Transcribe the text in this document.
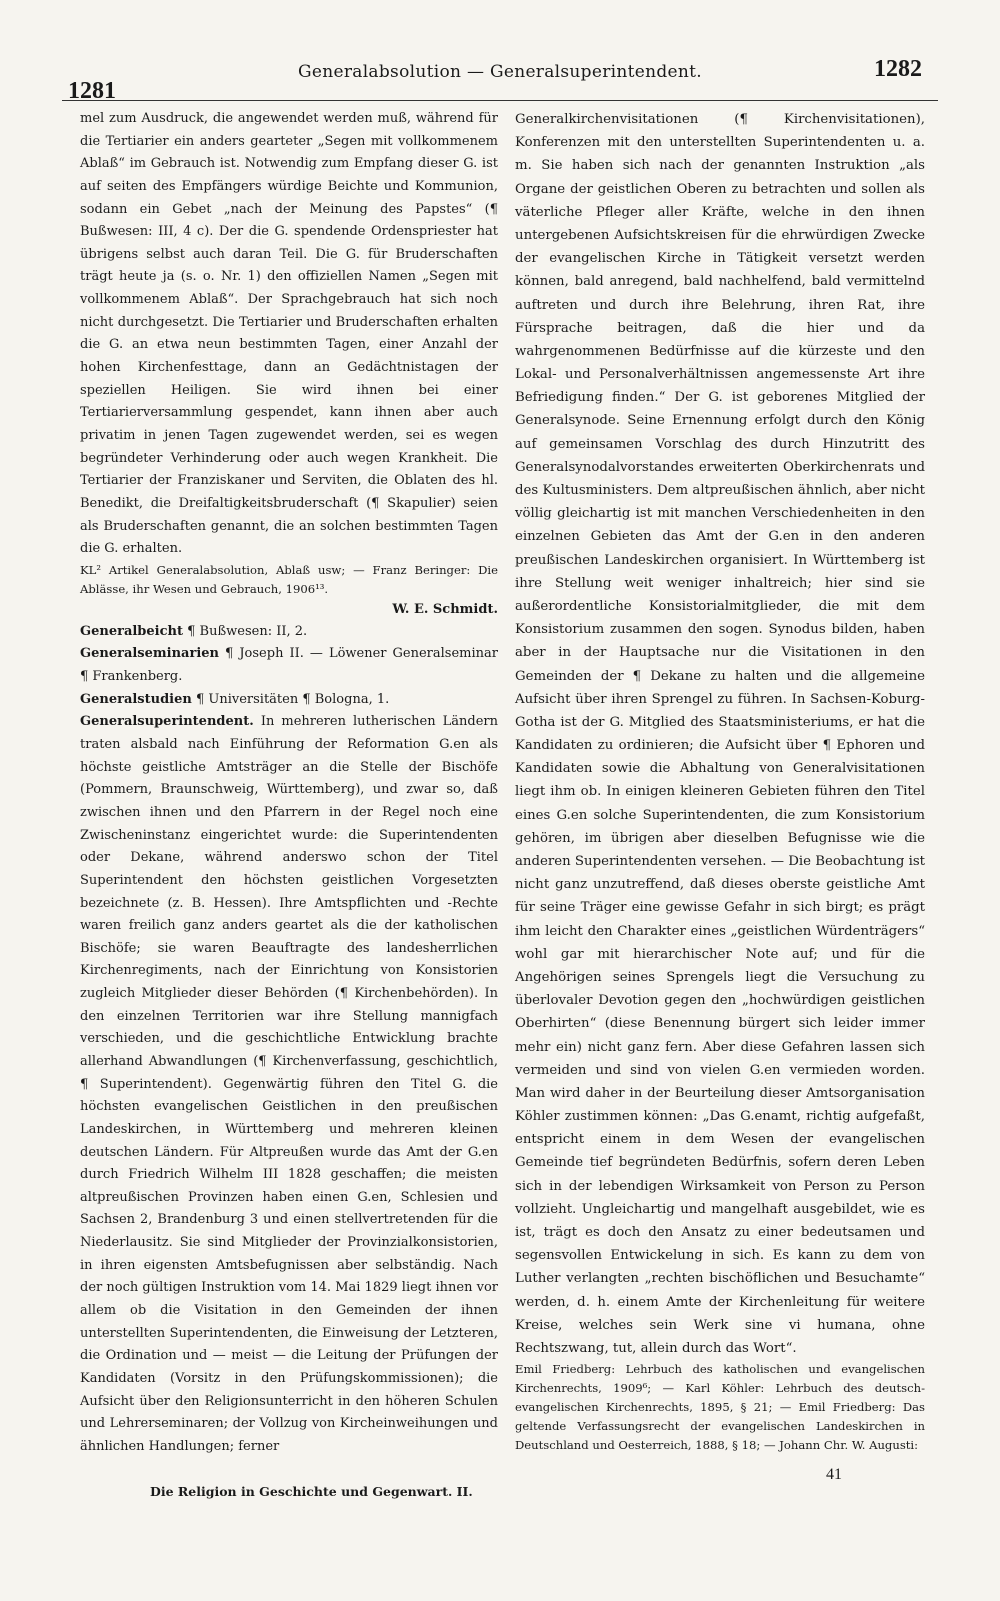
1281
Generalabsolution — Generalsuperintendent.	1282

mel zum Ausdruck, die angewendet werden muß, während für die Tertiarier ein anders gearteter „Segen mit vollkommenem Ablaß“ im Gebrauch ist. Notwendig zum Empfang dieser G. ist auf seiten des Empfängers würdige Beichte und Kommunion, sodann ein Gebet „nach der Meinung des Papstes“ (¶ Bußwesen: III, 4 c). Der die G. spendende Ordenspriester hat übrigens selbst auch daran Teil. Die G. für Bruderschaften trägt heute ja (s. o. Nr. 1) den offiziellen Namen „Segen mit vollkommenem Ablaß“. Der Sprachgebrauch hat sich noch nicht durchgesetzt. Die Tertiarier und Bruderschaften erhalten die G. an etwa neun bestimmten Tagen, einer Anzahl der hohen Kirchenfesttage, dann an Gedächtnistagen der speziellen Heiligen. Sie wird ihnen bei einer Tertiarierversammlung gespendet, kann ihnen aber auch privatim in jenen Tagen zugewendet werden, sei es wegen begründeter Verhinderung oder auch wegen Krankheit. Die Tertiarier der Franziskaner und Serviten, die Oblaten des hl. Benedikt, die Dreifaltigkeitsbruderschaft (¶ Skapulier) seien als Bruderschaften genannt, die an solchen bestimmten Tagen die G. erhalten.

KL² Artikel Generalabsolution, Ablaß usw; — Franz Beringer: Die Ablässe, ihr Wesen und Gebrauch, 1906¹³.

W. E. Schmidt.

Generalbeicht ¶ Bußwesen: II, 2.

Generalseminarien ¶ Joseph II. — Löwener Generalseminar ¶ Frankenberg.

Generalstudien ¶ Universitäten ¶ Bologna, 1.

Generalsuperintendent. In mehreren lutherischen Ländern traten alsbald nach Einführung der Reformation G.en als höchste geistliche Amtsträger an die Stelle der Bischöfe (Pommern, Braunschweig, Württemberg), und zwar so, daß zwischen ihnen und den Pfarrern in der Regel noch eine Zwischeninstanz eingerichtet wurde: die Superintendenten oder Dekane, während anderswo schon der Titel Superintendent den höchsten geistlichen Vorgesetzten bezeichnete (z. B. Hessen). Ihre Amtspflichten und -Rechte waren freilich ganz anders geartet als die der katholischen Bischöfe; sie waren Beauftragte des landesherrlichen Kirchenregiments, nach der Einrichtung von Konsistorien zugleich Mitglieder dieser Behörden (¶ Kirchenbehörden). In den einzelnen Territorien war ihre Stellung mannigfach verschieden, und die geschichtliche Entwicklung brachte allerhand Abwandlungen (¶ Kirchenverfassung, geschichtlich, ¶ Superintendent). Gegenwärtig führen den Titel G. die höchsten evangelischen Geistlichen in den preußischen Landeskirchen, in Württemberg und mehreren kleinen deutschen Ländern. Für Altpreußen wurde das Amt der G.en durch Friedrich Wilhelm III 1828 geschaffen; die meisten altpreußischen Provinzen haben einen G.en, Schlesien und Sachsen 2, Brandenburg 3 und einen stellvertretenden für die Niederlausitz. Sie sind Mitglieder der Provinzialkonsistorien, in ihren eigensten Amtsbefugnissen aber selbständig. Nach der noch gültigen Instruktion vom 14. Mai 1829 liegt ihnen vor allem ob die Visitation in den Gemeinden der ihnen unterstellten Superintendenten, die Einweisung der Letzteren, die Ordination und — meist — die Leitung der Prüfungen der Kandidaten (Vorsitz in den Prüfungskommissionen); die Aufsicht über den Religionsunterricht in den höheren Schulen und Lehrerseminaren; der Vollzug von Kircheinweihungen und ähnlichen Handlungen; ferner

Generalkirchenvisitationen (¶ Kirchenvisitationen), Konferenzen mit den unterstellten Superintendenten u. a. m. Sie haben sich nach der genannten Instruktion „als Organe der geistlichen Oberen zu betrachten und sollen als väterliche Pfleger aller Kräfte, welche in den ihnen untergebenen Aufsichtskreisen für die ehrwürdigen Zwecke der evangelischen Kirche in Tätigkeit versetzt werden können, bald anregend, bald nachhelfend, bald vermittelnd auftreten und durch ihre Belehrung, ihren Rat, ihre Fürsprache beitragen, daß die hier und da wahrgenommenen Bedürfnisse auf die kürzeste und den Lokal- und Personalverhältnissen angemessenste Art ihre Befriedigung finden.“ Der G. ist geborenes Mitglied der Generalsynode. Seine Ernennung erfolgt durch den König auf gemeinsamen Vorschlag des durch Hinzutritt des Generalsynodalvorstandes erweiterten Oberkirchenrats und des Kultusministers. Dem altpreußischen ähnlich, aber nicht völlig gleichartig ist mit manchen Verschiedenheiten in den einzelnen Gebieten das Amt der G.en in den anderen preußischen Landeskirchen organisiert. In Württemberg ist ihre Stellung weit weniger inhaltreich; hier sind sie außerordentliche Konsistorialmitglieder, die mit dem Konsistorium zusammen den sogen. Synodus bilden, haben aber in der Hauptsache nur die Visitationen in den Gemeinden der ¶ Dekane zu halten und die allgemeine Aufsicht über ihren Sprengel zu führen. In Sachsen-Koburg-Gotha ist der G. Mitglied des Staatsministeriums, er hat die Kandidaten zu ordinieren; die Aufsicht über ¶ Ephoren und Kandidaten sowie die Abhaltung von Generalvisitationen liegt ihm ob. In einigen kleineren Gebieten führen den Titel eines G.en solche Superintendenten, die zum Konsistorium gehören, im übrigen aber dieselben Befugnisse wie die anderen Superintendenten versehen. — Die Beobachtung ist nicht ganz unzutreffend, daß dieses oberste geistliche Amt für seine Träger eine gewisse Gefahr in sich birgt; es prägt ihm leicht den Charakter eines „geistlichen Würdenträgers“ wohl gar mit hierarchischer Note auf; und für die Angehörigen seines Sprengels liegt die Versuchung zu überlovaler Devotion gegen den „hochwürdigen geistlichen Oberhirten“ (diese Benennung bürgert sich leider immer mehr ein) nicht ganz fern. Aber diese Gefahren lassen sich vermeiden und sind von vielen G.en vermieden worden. Man wird daher in der Beurteilung dieser Amtsorganisation Köhler zustimmen können: „Das G.enamt, richtig aufgefaßt, entspricht einem in dem Wesen der evangelischen Gemeinde tief begründeten Bedürfnis, sofern deren Leben sich in der lebendigen Wirksamkeit von Person zu Person vollzieht. Ungleichartig und mangelhaft ausgebildet, wie es ist, trägt es doch den Ansatz zu einer bedeutsamen und segensvollen Entwickelung in sich. Es kann zu dem von Luther verlangten „rechten bischöflichen und Besuchamte“ werden, d. h. einem Amte der Kirchenleitung für weitere Kreise, welches sein Werk sine vi humana, ohne Rechtszwang, tut, allein durch das Wort“.

Emil Friedberg: Lehrbuch des katholischen und evangelischen Kirchenrechts, 1909⁶; — Karl Köhler: Lehrbuch des deutsch-evangelischen Kirchenrechts, 1895, § 21; — Emil Friedberg: Das geltende Verfassungsrecht der evangelischen Landeskirchen in Deutschland und Oesterreich, 1888, § 18; — Johann Chr. W. Augusti:

Die Religion in Geschichte und Gegenwart. II.
41
